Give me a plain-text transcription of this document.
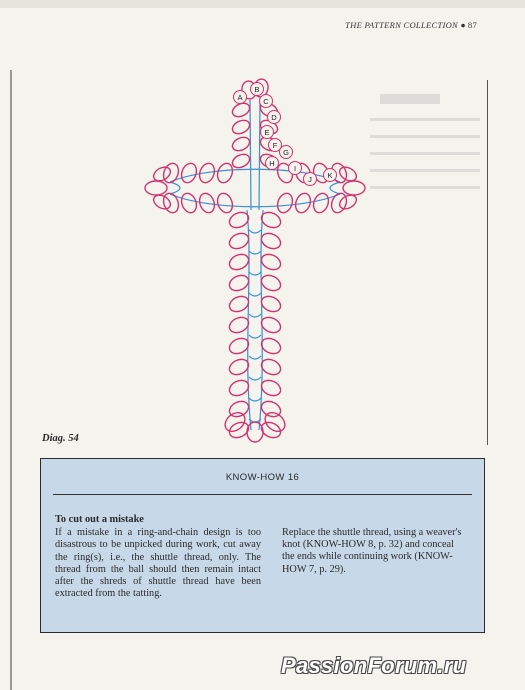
THE PATTERN COLLECTION ● 87
A
B
C
D
E
F
G
H
I
J K
Diag. 54
KNOW-HOW 16
To cut out a mistake

If a mistake in a ring-and-chain design is too disastrous to be unpicked during work, cut away the ring(s), i.e., the shuttle thread, only. The thread from the ball should then remain intact after the shreds of shuttle thread have been extracted from the tatting.

Replace the shuttle thread, using a weaver's knot (KNOW-HOW 8, p. 32) and conceal the ends while continuing work (KNOW-HOW 7, p. 29).

PassionForum.ru
